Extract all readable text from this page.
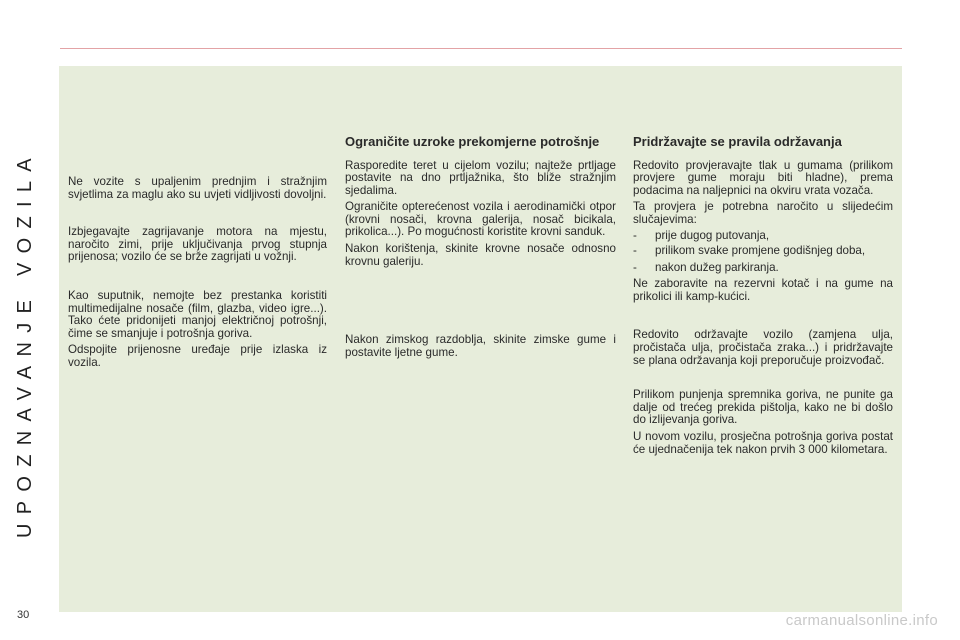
UPOZNAVANJE VOZILA
30

Ne vozite s upaljenim prednjim i stražnjim svjetlima za maglu ako su uvjeti vidljivosti dovoljni.

Izbjegavajte zagrijavanje motora na mjestu, naročito zimi, prije uključivanja prvog stupnja prijenosa; vozilo će se brže zagrijati u vožnji.

Kao suputnik, nemojte bez prestanka koristiti multimedijalne nosače (film, glazba, video igre...). Tako ćete pridonijeti manjoj električnoj potrošnji, čime se smanjuje i potrošnja goriva.

Odspojite prijenosne uređaje prije izlaska iz vozila.

Ograničite uzroke prekomjerne potrošnje

Rasporedite teret u cijelom vozilu; najteže prtljage postavite na dno prtljažnika, što bliže stražnjim sjedalima.

Ograničite opterećenost vozila i aerodinamički otpor (krovni nosači, krovna galerija, nosač bicikala, prikolica...). Po mogućnosti koristite krovni sanduk.

Nakon korištenja, skinite krovne nosače odnosno krovnu galeriju.

Nakon zimskog razdoblja, skinite zimske gume i postavite ljetne gume.

Pridržavajte se pravila održavanja

Redovito provjeravajte tlak u gumama (prilikom provjere gume moraju biti hladne), prema podacima na naljepnici na okviru vrata vozača.

Ta provjera je potrebna naročito u slijedećim slučajevima:

- prije dugog putovanja,
- prilikom svake promjene godišnjeg doba,
- nakon dužeg parkiranja.

Ne zaboravite na rezervni kotač i na gume na prikolici ili kamp-kućici.

Redovito održavajte vozilo (zamjena ulja, pročistača ulja, pročistača zraka...) i pridržavajte se plana održavanja koji preporučuje proizvođač.

Prilikom punjenja spremnika goriva, ne punite ga dalje od trećeg prekida pištolja, kako ne bi došlo do izlijevanja goriva.

U novom vozilu, prosječna potrošnja goriva postat će ujednačenija tek nakon prvih 3 000 kilometara.

carmanualsonline.info
